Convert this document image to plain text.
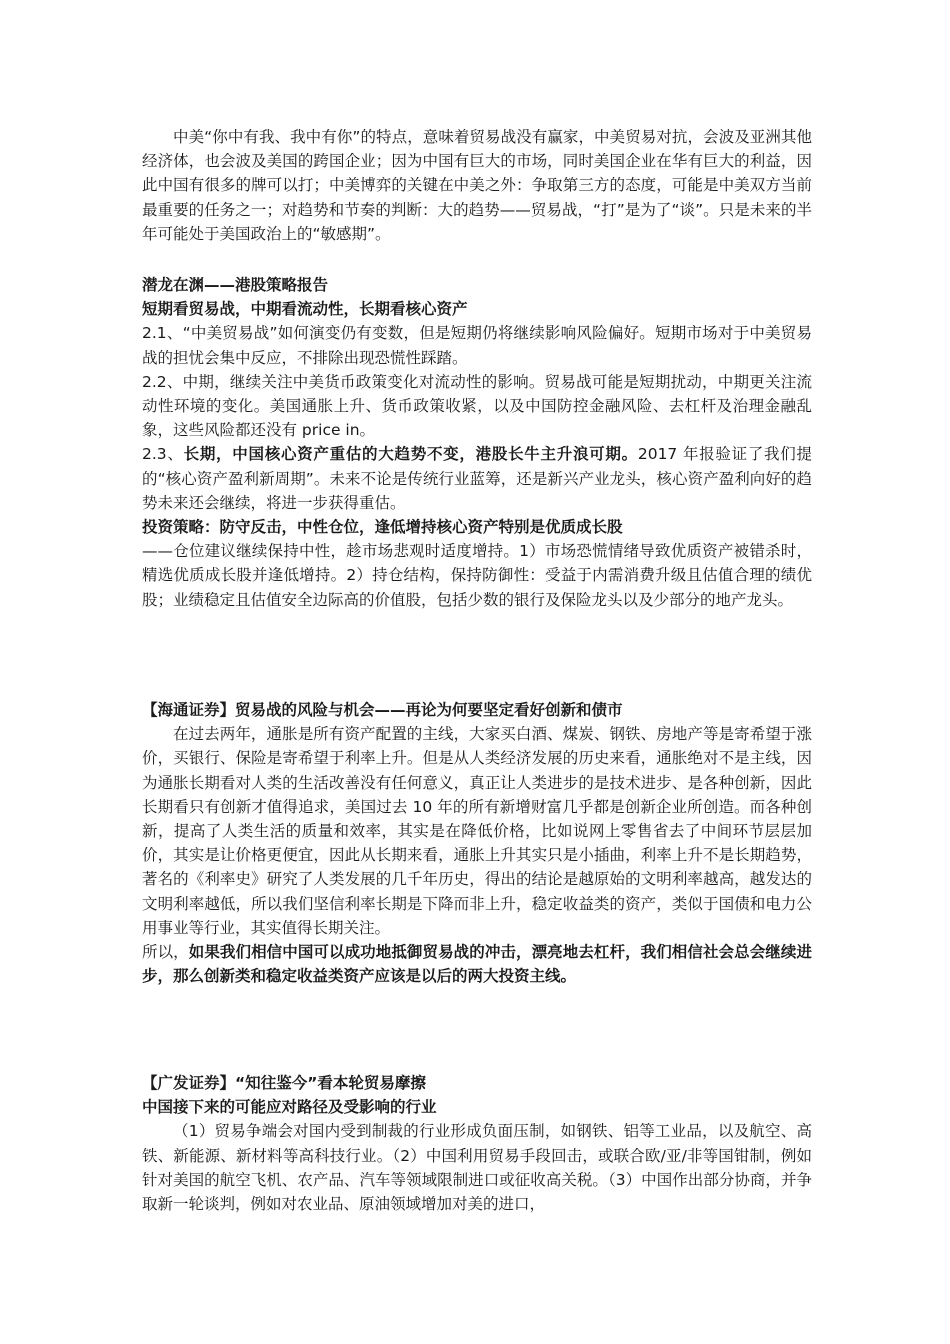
中美“你中有我、我中有你”的特点，意味着贸易战没有赢家，中美贸易对抗，会波及亚洲其他经济体，也会波及美国的跨国企业；因为中国有巨大的市场，同时美国企业在华有巨大的利益，因此中国有很多的牌可以打；中美博弈的关键在中美之外：争取第三方的态度，可能是中美双方当前最重要的任务之一；对趋势和节奏的判断：大的趋势——贸易战，“打”是为了“谈”。只是未来的半年可能处于美国政治上的“敏感期”。

潜龙在渊——港股策略报告

短期看贸易战，中期看流动性，长期看核心资产

2.1、“中美贸易战”如何演变仍有变数，但是短期仍将继续影响风险偏好。短期市场对于中美贸易战的担忧会集中反应，不排除出现恐慌性踩踏。

2.2、中期，继续关注中美货币政策变化对流动性的影响。贸易战可能是短期扰动，中期更关注流动性环境的变化。美国通胀上升、货币政策收紧，以及中国防控金融风险、去杠杆及治理金融乱象，这些风险都还没有 price in。

2.3、长期，中国核心资产重估的大趋势不变，港股长牛主升浪可期。2017 年报验证了我们提的“核心资产盈利新周期”。未来不论是传统行业蓝筹，还是新兴产业龙头，核心资产盈利向好的趋势未来还会继续，将进一步获得重估。

投资策略：防守反击，中性仓位，逢低增持核心资产特别是优质成长股

——仓位建议继续保持中性，趁市场悲观时适度增持。1）市场恐慌情绪导致优质资产被错杀时，精选优质成长股并逢低增持。2）持仓结构，保持防御性：受益于内需消费升级且估值合理的绩优股；业绩稳定且估值安全边际高的价值股，包括少数的银行及保险龙头以及少部分的地产龙头。

【海通证券】贸易战的风险与机会——再论为何要坚定看好创新和债市

在过去两年，通胀是所有资产配置的主线，大家买白酒、煤炭、钢铁、房地产等是寄希望于涨价，买银行、保险是寄希望于利率上升。但是从人类经济发展的历史来看，通胀绝对不是主线，因为通胀长期看对人类的生活改善没有任何意义，真正让人类进步的是技术进步、是各种创新，因此长期看只有创新才值得追求，美国过去 10 年的所有新增财富几乎都是创新企业所创造。而各种创新，提高了人类生活的质量和效率，其实是在降低价格，比如说网上零售省去了中间环节层层加价，其实是让价格更便宜，因此从长期来看，通胀上升其实只是小插曲，利率上升不是长期趋势，著名的《利率史》研究了人类发展的几千年历史，得出的结论是越原始的文明利率越高，越发达的文明利率越低，所以我们坚信利率长期是下降而非上升，稳定收益类的资产，类似于国债和电力公用事业等行业，其实值得长期关注。

所以，如果我们相信中国可以成功地抵御贸易战的冲击，漂亮地去杠杆，我们相信社会总会继续进步，那么创新类和稳定收益类资产应该是以后的两大投资主线。

【广发证券】“知往鉴今”看本轮贸易摩擦

中国接下来的可能应对路径及受影响的行业

（1）贸易争端会对国内受到制裁的行业形成负面压制，如钢铁、铝等工业品，以及航空、高铁、新能源、新材料等高科技行业。（2）中国利用贸易手段回击，或联合欧/亚/非等国钳制，例如针对美国的航空飞机、农产品、汽车等领域限制进口或征收高关税。（3）中国作出部分协商，并争取新一轮谈判，例如对农业品、原油领域增加对美的进口，
